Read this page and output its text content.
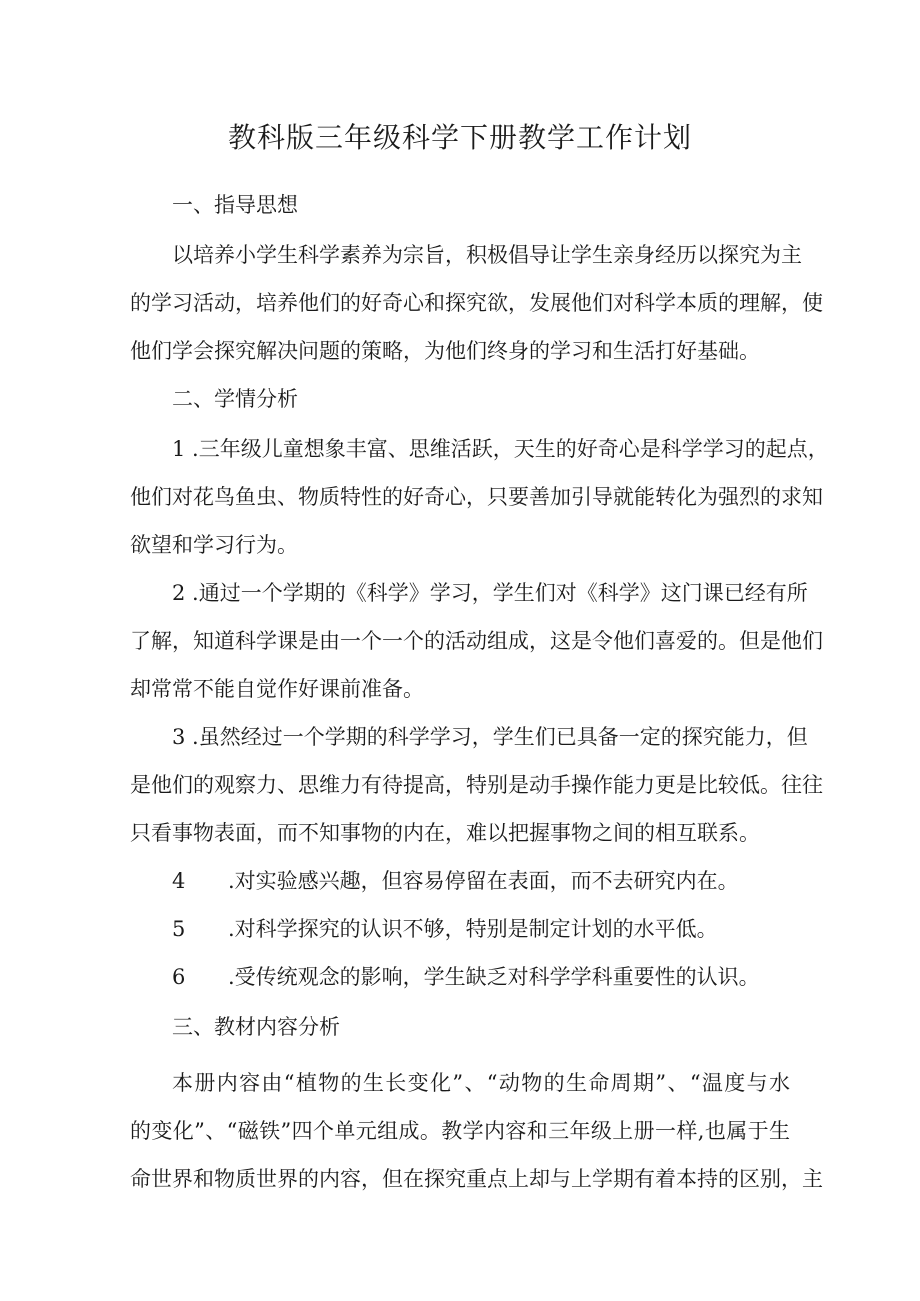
教科版三年级科学下册教学工作计划

一、指导思想

以培养小学生科学素养为宗旨，积极倡导让学生亲身经历以探究为主

的学习活动，培养他们的好奇心和探究欲，发展他们对科学本质的理解，使

他们学会探究解决问题的策略，为他们终身的学习和生活打好基础。

二、学情分析

1 .三年级儿童想象丰富、思维活跃，天生的好奇心是科学学习的起点，

他们对花鸟鱼虫、物质特性的好奇心，只要善加引导就能转化为强烈的求知

欲望和学习行为。

2 .通过一个学期的《科学》学习，学生们对《科学》这门课已经有所

了解，知道科学课是由一个一个的活动组成，这是令他们喜爱的。但是他们

却常常不能自觉作好课前准备。

3 .虽然经过一个学期的科学学习，学生们已具备一定的探究能力，但

是他们的观察力、思维力有待提高，特别是动手操作能力更是比较低。往往

只看事物表面，而不知事物的内在，难以把握事物之间的相互联系。

4 .对实验感兴趣，但容易停留在表面，而不去研究内在。
5 .对科学探究的认识不够，特别是制定计划的水平低。
6 .受传统观念的影响，学生缺乏对科学学科重要性的认识。

三、教材内容分析

本册内容由“植物的生长变化”、“动物的生命周期”、“温度与水

的变化”、“磁铁”四个单元组成。教学内容和三年级上册一样,也属于生

命世界和物质世界的内容，但在探究重点上却与上学期有着本持的区别，主
